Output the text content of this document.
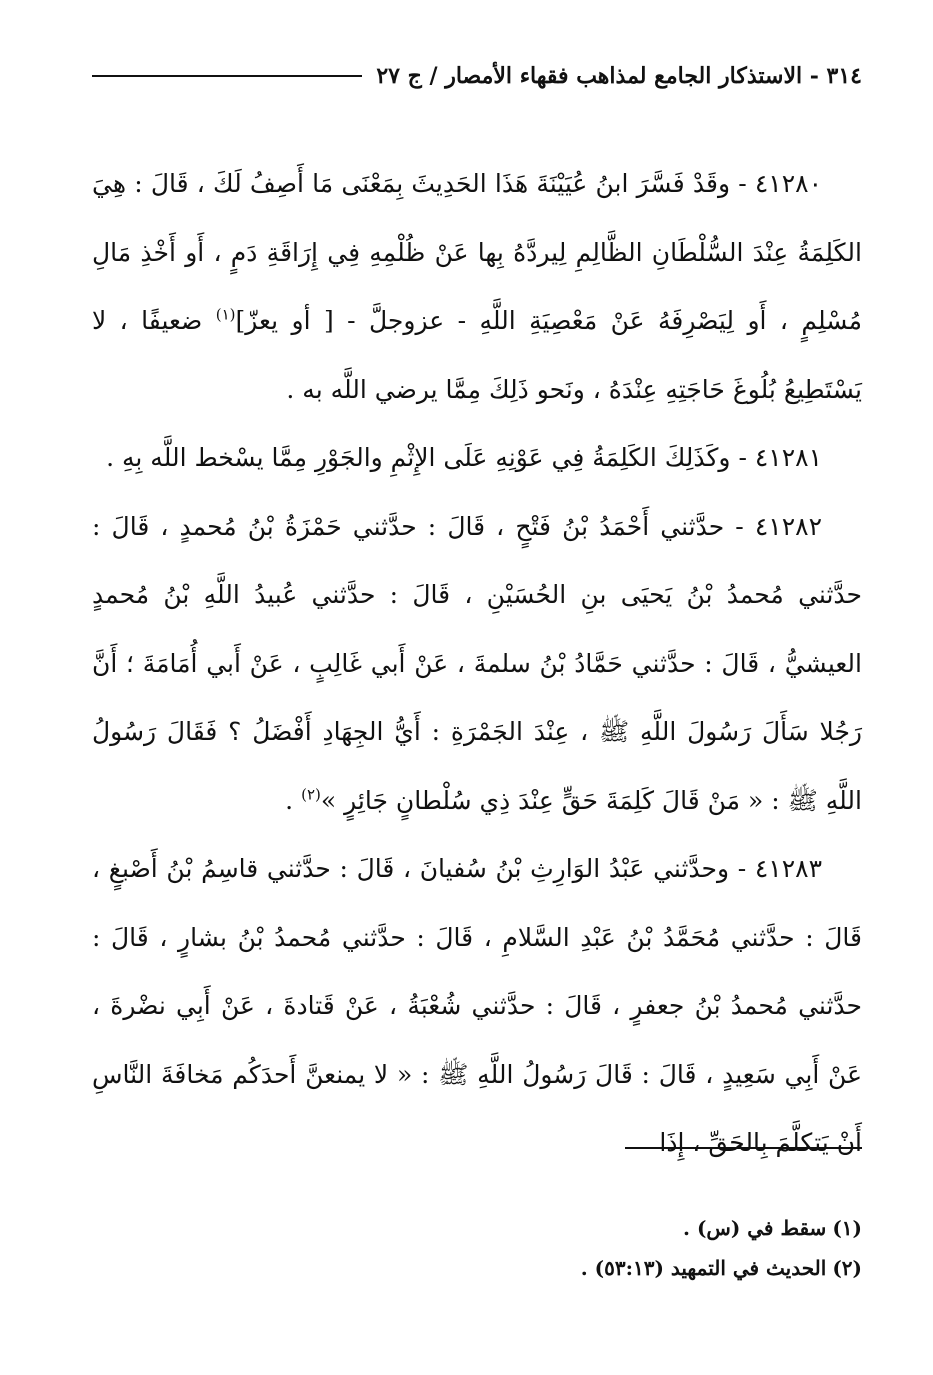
٣١٤ - الاستذكار الجامع لمذاهب فقهاء الأمصار / ج ٢٧

٤١٢٨٠ - وقَدْ فَسَّرَ ابنُ عُيَيْنَةَ هَذَا الحَدِيثَ بِمَعْنَى مَا أَصِفُ لَكَ ، قَالَ : هِيَ الكَلِمَةُ عِنْدَ السُّلْطَانِ الظَّالِمِ لِيردَّهُ بِها عَنْ ظُلْمِهِ فِي إِرَاقَةِ دَمٍ ، أَو أَخْذِ مَالِ مُسْلِمٍ ، أَو لِيَصْرِفَهُ عَنْ مَعْصِيَةِ اللَّهِ - عزوجلَّ - [ أو يعزّ]$^{(١)}$ ضعيفًا ، لا يَسْتَطِيعُ بُلُوغَ حَاجَتِهِ عِنْدَهُ ، ونَحو ذَلِكَ مِمَّا يرضي اللَّه به .

٤١٢٨١ - وكَذَلِكَ الكَلِمَةُ فِي عَوْنِهِ عَلَى الإِثْمِ والجَوْرِ مِمَّا يسْخط اللَّه بِهِ .

٤١٢٨٢ - حدَّثني أَحْمَدُ بْنُ فَتْحٍ ، قَالَ : حدَّثني حَمْزَةُ بْنُ مُحمدٍ ، قَالَ : حدَّثني مُحمدُ بْنُ يَحيَى بنِ الحُسَيْنِ ، قَالَ : حدَّثني عُبيدُ اللَّهِ بْنُ مُحمدٍ العيشيُّ ، قَالَ : حدَّثني حَمَّادُ بْنُ سلمةَ ، عَنْ أَبي غَالِبٍ ، عَنْ أَبي أُمَامَةَ ؛ أَنَّ رَجُلا سَأَلَ رَسُولَ اللَّهِ ﷺ ، عِنْدَ الجَمْرَةِ : أَيُّ الجِهَادِ أَفْضَلُ ؟ فَقَالَ رَسُولُ اللَّهِ ﷺ : « مَنْ قَالَ كَلِمَةَ حَقٍّ عِنْدَ ذِي سُلْطانٍ جَائِرٍ »$^{(٢)}$ .

٤١٢٨٣ - وحدَّثني عَبْدُ الوَارِثِ بْنُ سُفيانَ ، قَالَ : حدَّثني قاسِمُ بْنُ أَصْبغٍ ، قَالَ : حدَّثني مُحَمَّدُ بْنُ عَبْدِ السَّلامِ ، قَالَ : حدَّثني مُحمدُ بْنُ بشارٍ ، قَالَ : حدَّثني مُحمدُ بْنُ جعفرٍ ، قَالَ : حدَّثني شُعْبَةُ ، عَنْ قَتادةَ ، عَنْ أَبِي نضْرةَ ، عَنْ أَبِي سَعِيدٍ ، قَالَ : قَالَ رَسُولُ اللَّهِ ﷺ : « لا يمنعنَّ أَحدَكُم مَخافَةَ النَّاسِ أَنْ يَتكلَّمَ بِالحَقِّ ، إِذَا

(١)سقط في (س) .

(٢)الحديث في التمهيد (٥٣:١٣) .
